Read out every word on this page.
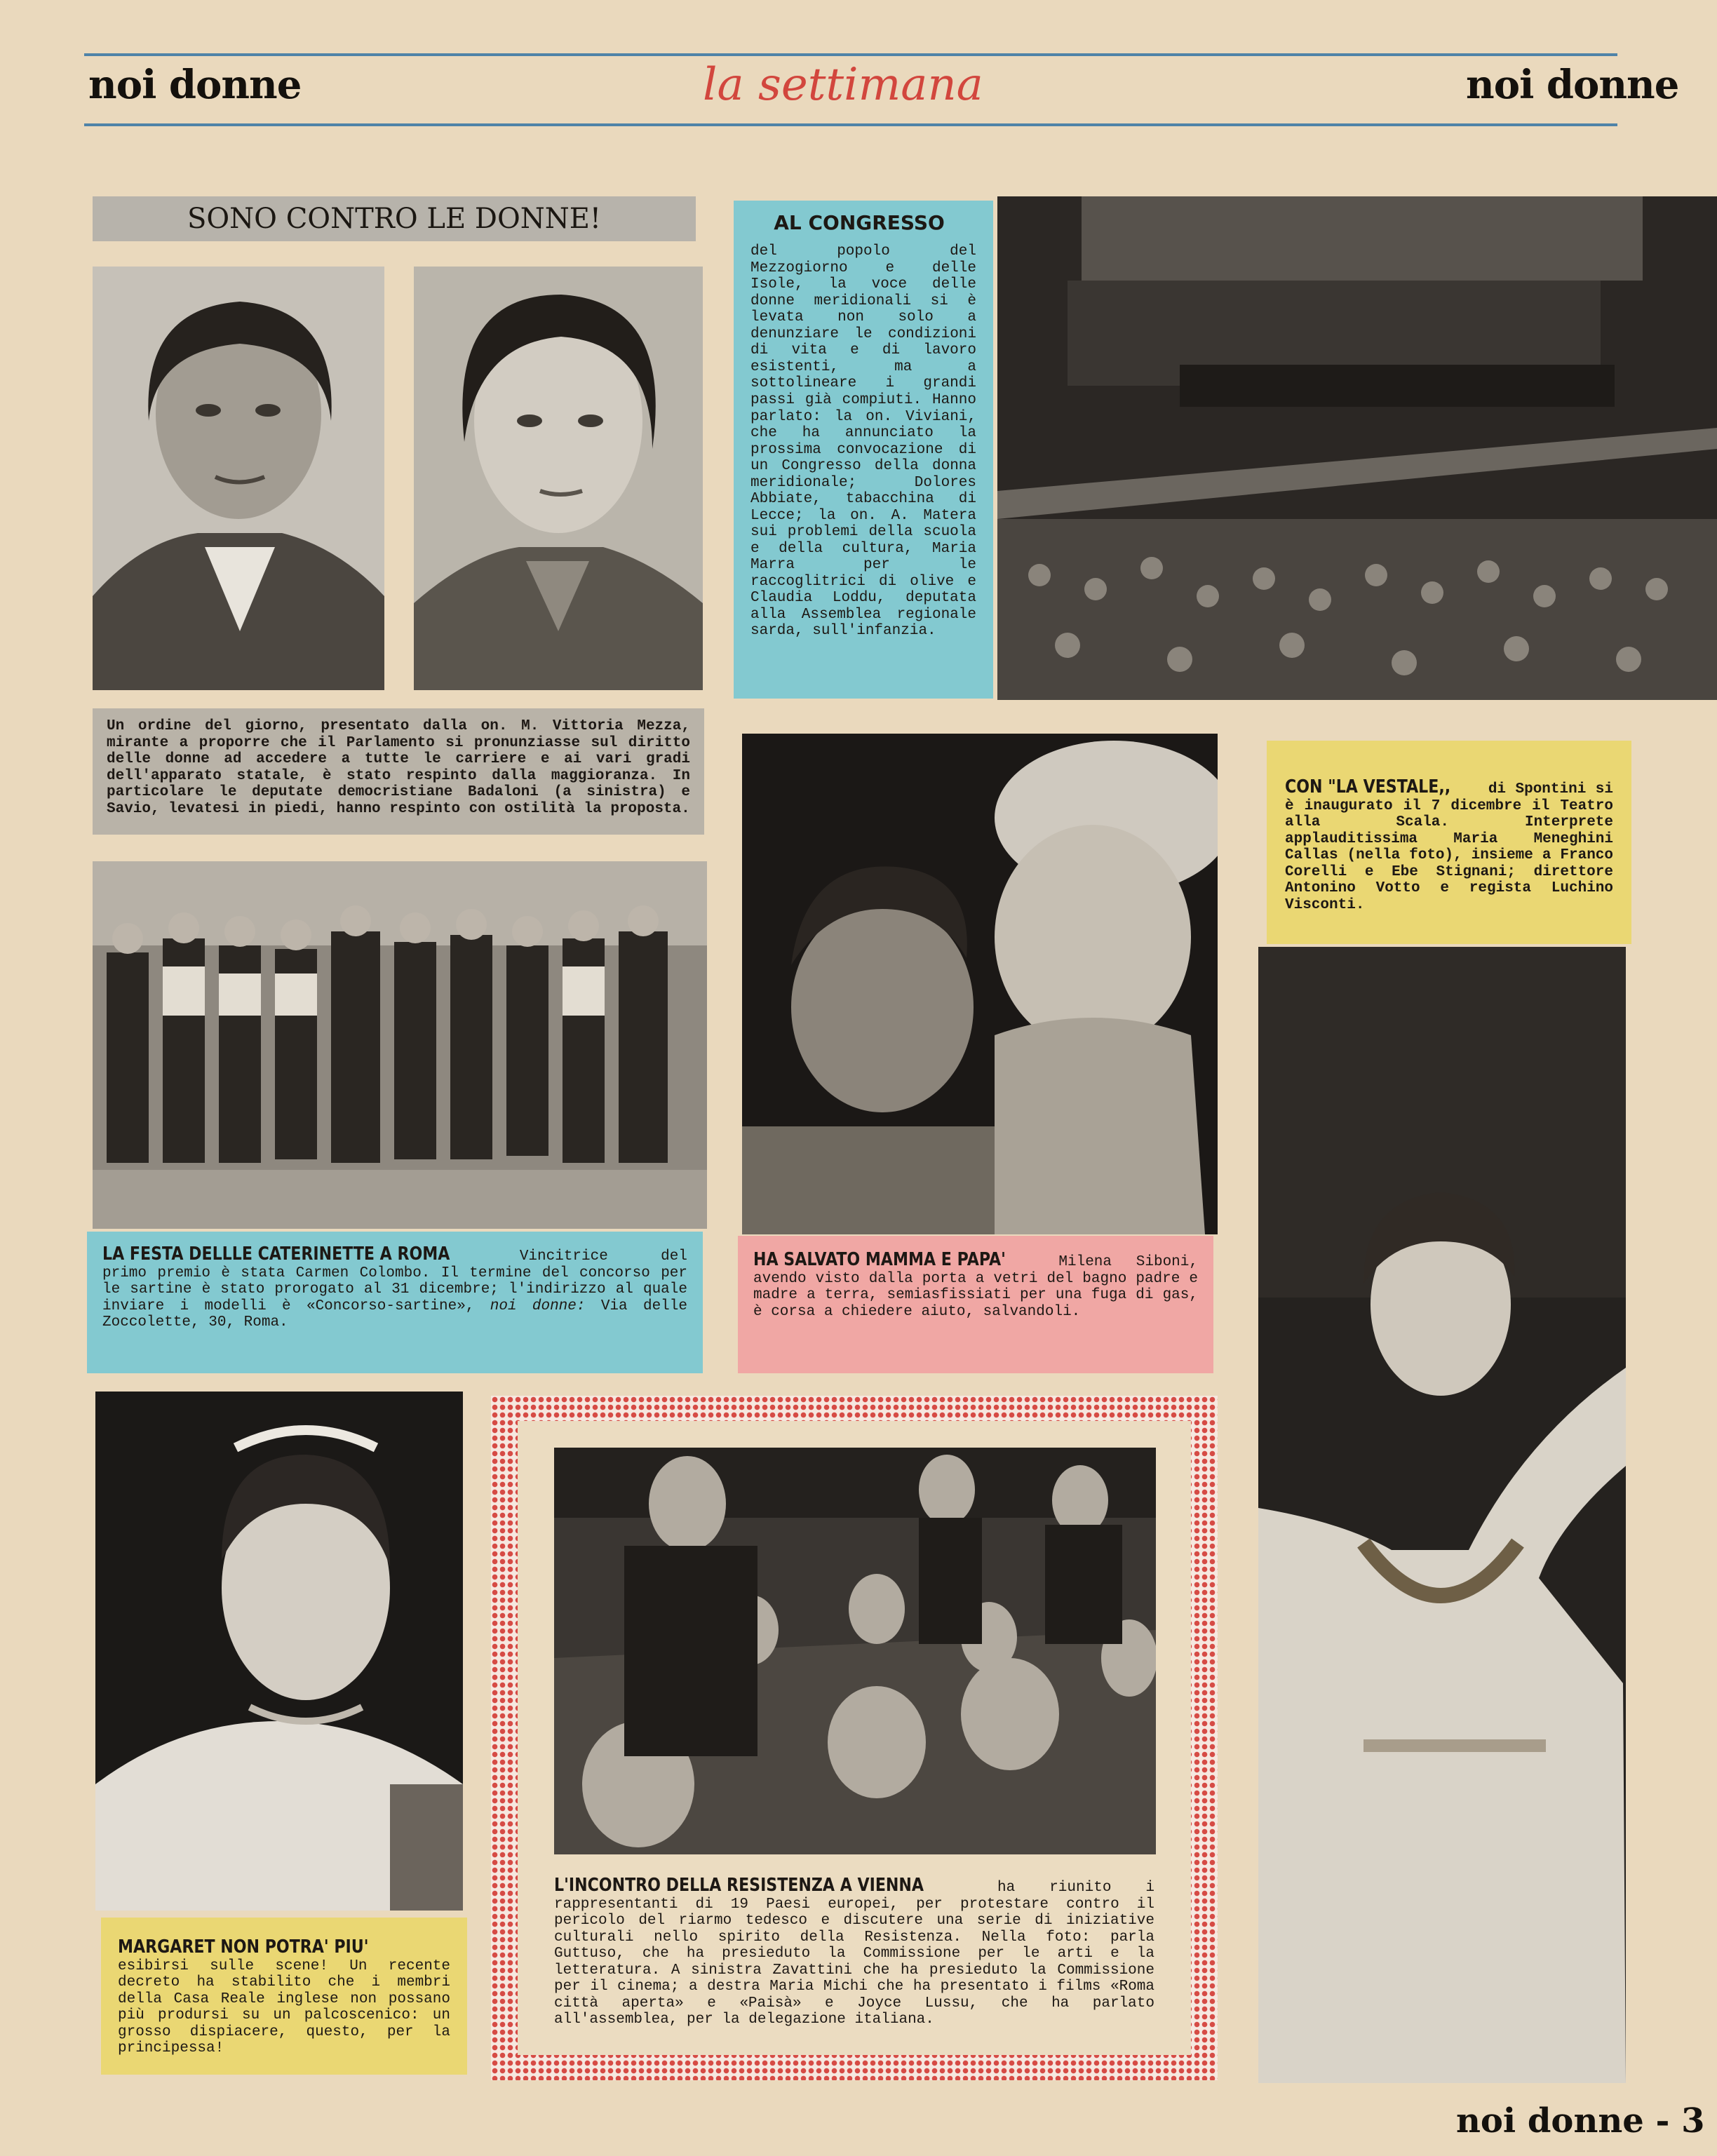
noi donne	la settimana	noi donne
SONO CONTRO LE DONNE!
Un ordine del giorno, presentato dalla on. M. Vittoria Mezza, mirante a proporre che il Parlamento si pronunziasse sul diritto delle donne ad accedere a tutte le carriere e ai vari gradi dell'apparato statale, è stato respinto dalla maggioranza. In particolare le deputate democristiane Badaloni (a sinistra) e Savio, levatesi in piedi, hanno respinto con ostilità la proposta.
AL CONGRESSO
del popolo del Mezzogiorno e delle Isole, la voce delle donne meridionali si è levata non solo a denunziare le condizioni di vita e di lavoro esistenti, ma a sottolineare i grandi passi già compiuti. Hanno parlato: la on. Viviani, che ha annunciato la prossima convocazione di un Congresso della donna meridionale; Dolores Abbiate, tabacchina di Lecce; la on. A. Matera sui problemi della scuola e della cultura, Maria Marra per le raccoglitrici di olive e Claudia Loddu, deputata alla Assemblea regionale sarda, sull'infanzia.
LA FESTA DELLLE CATERINETTE A ROMA	Vincitrice del primo premio è stata Carmen Colombo. Il termine del concorso per le sartine è stato prorogato al 31 dicembre; l'indirizzo al quale inviare i modelli è «Concorso-sartine», noi donne: Via delle Zoccolette, 30, Roma.
HA SALVATO MAMMA E PAPA'	Milena Siboni, avendo visto dalla porta a vetri del bagno padre e madre a terra, semiasfissiati per una fuga di gas, è corsa a chiedere aiuto, salvandoli.
CON "LA VESTALE,,	di Spontini si è inaugurato il 7 dicembre il Teatro alla Scala. Interprete applauditissima Maria Meneghini Callas (nella foto), insieme a Franco Corelli e Ebe Stignani; direttore Antonino Votto e regista Luchino Visconti.
MARGARET NON POTRA' PIU'esibirsi sulle scene! Un recente decreto ha stabilito che i membri della Casa Reale inglese non possano più prodursi su un palcoscenico: un grosso dispiacere, questo, per la principessa!
L'INCONTRO DELLA RESISTENZA A VIENNA	ha riunito i rappresentanti di 19 Paesi europei, per protestare contro il pericolo del riarmo tedesco e discutere una serie di iniziative culturali nello spirito della Resistenza. Nella foto: parla Guttuso, che ha presieduto la Commissione per le arti e la letteratura. A sinistra Zavattini che ha presieduto la Commissione per il cinema; a destra Maria Michi che ha presentato i films «Roma città aperta» e «Paisà» e Joyce Lussu, che ha parlato all'assemblea, per la delegazione italiana.
noi donne - 3
